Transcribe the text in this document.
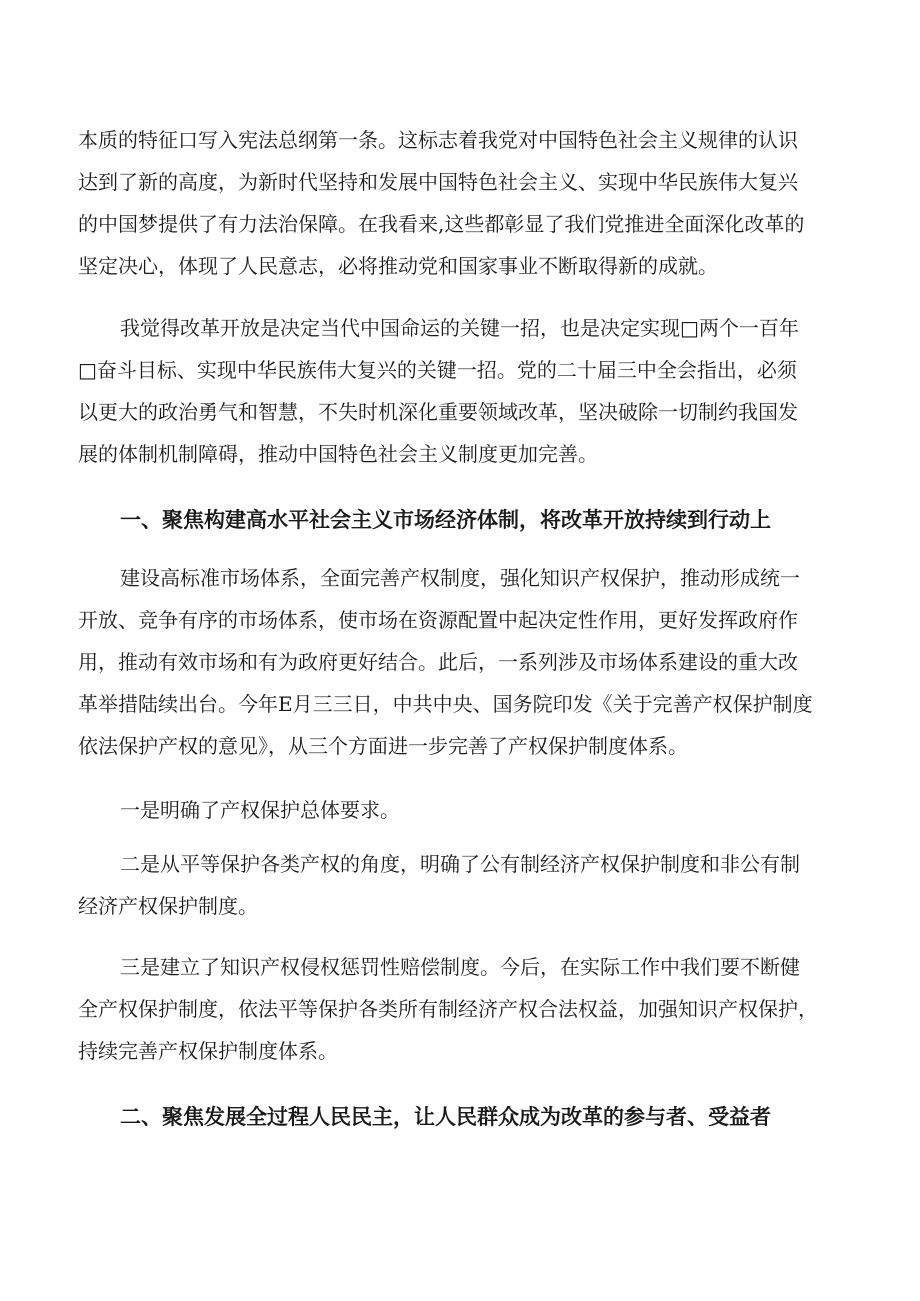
本质的特征口写入宪法总纲第一条。这标志着我党对中国特色社会主义规律的认识
达到了新的高度，为新时代坚持和发展中国特色社会主义、实现中华民族伟大复兴
的中国梦提供了有力法治保障。在我看来,这些都彰显了我们党推进全面深化改革的
坚定决心，体现了人民意志，必将推动党和国家事业不断取得新的成就。
我觉得改革开放是决定当代中国命运的关键一招，也是决定实现□两个一百年
□奋斗目标、实现中华民族伟大复兴的关键一招。党的二十届三中全会指出，必须
以更大的政治勇气和智慧，不失时机深化重要领域改革，坚决破除一切制约我国发
展的体制机制障碍，推动中国特色社会主义制度更加完善。
一、聚焦构建高水平社会主义市场经济体制，将改革开放持续到行动上
建设高标准市场体系，全面完善产权制度，强化知识产权保护，推动形成统一
开放、竞争有序的市场体系，使市场在资源配置中起决定性作用，更好发挥政府作
用，推动有效市场和有为政府更好结合。此后，一系列涉及市场体系建设的重大改
革举措陆续出台。今年E月三三日，中共中央、国务院印发《关于完善产权保护制度
依法保护产权的意见》，从三个方面进一步完善了产权保护制度体系。
一是明确了产权保护总体要求。
二是从平等保护各类产权的角度，明确了公有制经济产权保护制度和非公有制
经济产权保护制度。
三是建立了知识产权侵权惩罚性赔偿制度。今后，在实际工作中我们要不断健
全产权保护制度，依法平等保护各类所有制经济产权合法权益，加强知识产权保护，
持续完善产权保护制度体系。
二、聚焦发展全过程人民民主，让人民群众成为改革的参与者、受益者
